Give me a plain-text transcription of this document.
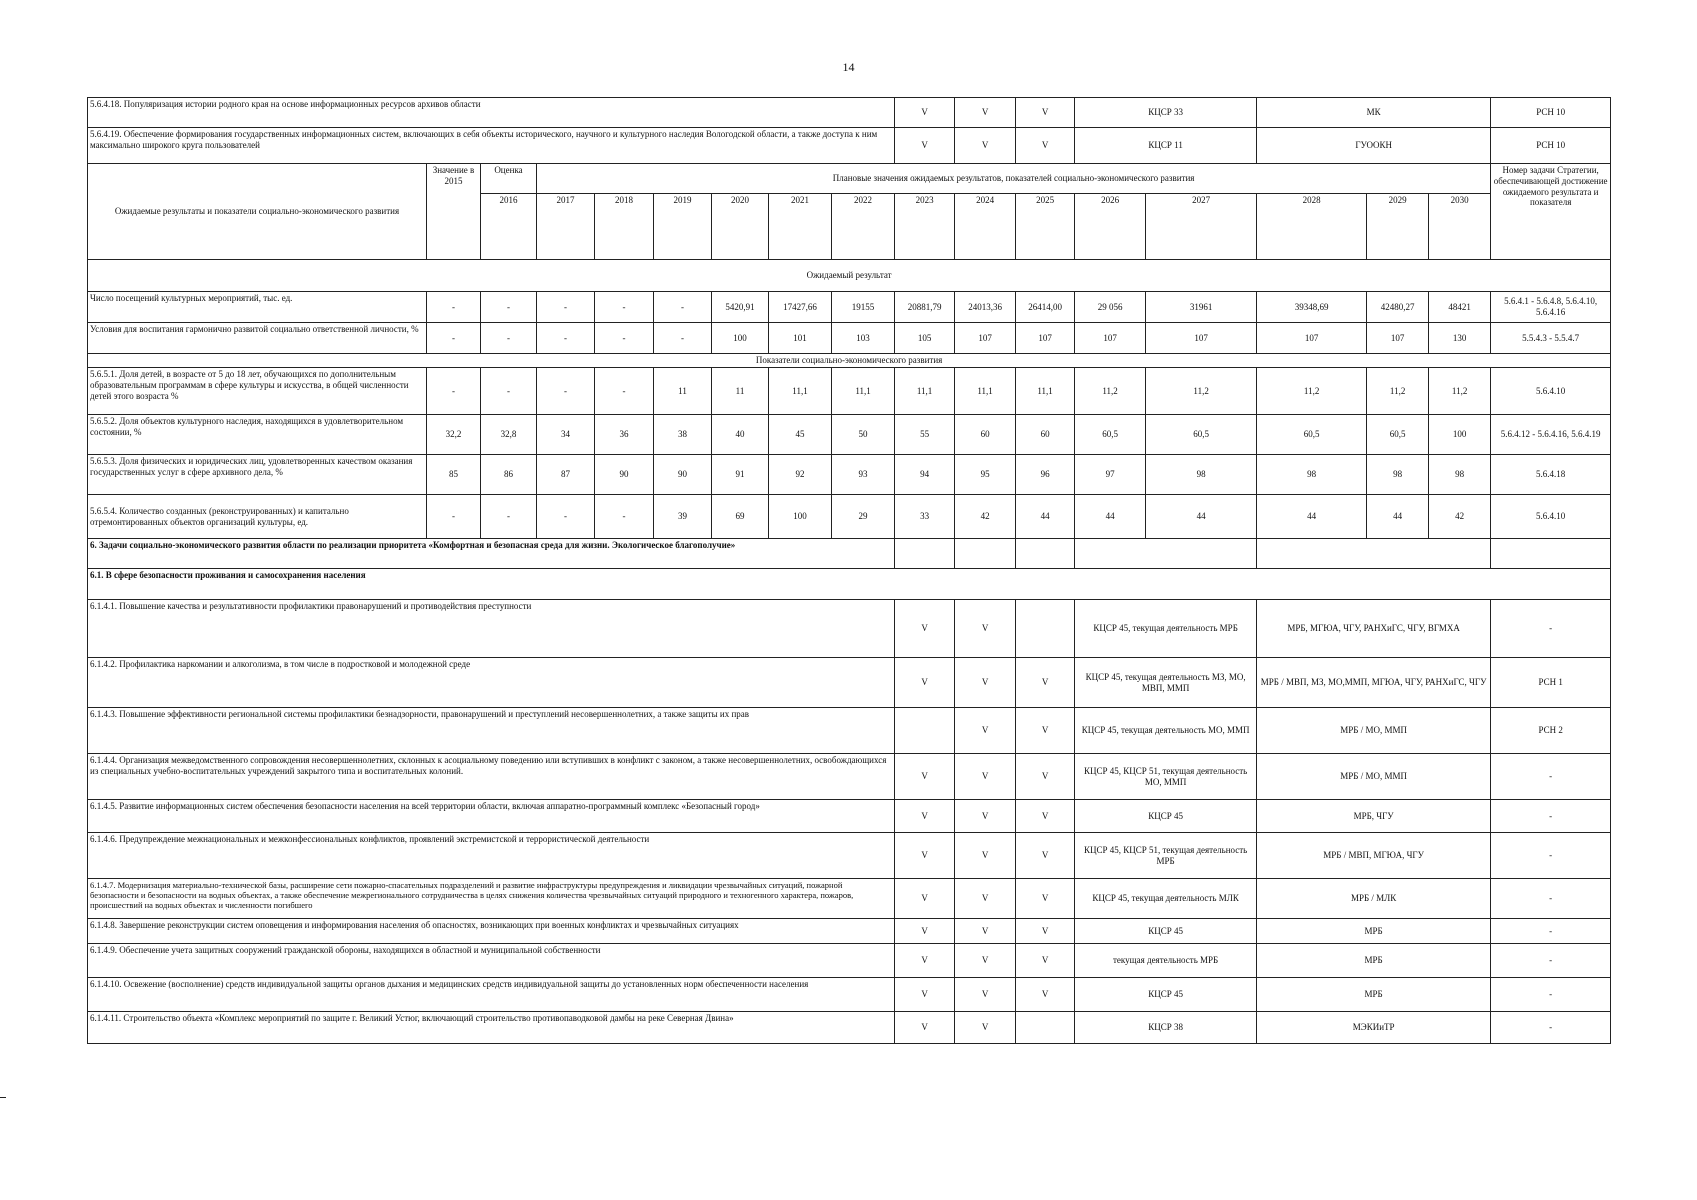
14
5.6.4.18. Популяризация истории родного края на основе информационных ресурсов архивов области									V	V	V	КЦСР 33		МК			РСН 10
5.6.4.19. Обеспечение формирования государственных информационных систем, включающих в себя объекты исторического, научного и культурного наследия Вологодской области, а также доступа к ним максимально широкого круга пользователей									V	V	V	КЦСР 11		ГУООКН			РСН 10
Ожидаемые результаты и показатели социально-экономического развития	Значение в 2015	Оценка	Плановые значения ожидаемых результатов, показателей социально-экономического развития														Номер задачи Стратегии, обеспечивающей достижение ожидаемого результата и показателя
		2016	2017	2018	2019	2020	2021	2022	2023	2024	2025	2026	2027	2028	2029	2030	
Ожидаемый результат																	
Число посещений культурных мероприятий, тыс. ед.	-	-	-	-	-	5420,91	17427,66	19155	20881,79	24013,36	26414,00	29 056	31961	39348,69	42480,27	48421	5.6.4.1 - 5.6.4.8, 5.6.4.10, 5.6.4.16
Условия для воспитания гармонично развитой социально ответственной личности, %	-	-	-	-	-	100	101	103	105	107	107	107	107	107	107	130	5.5.4.3 - 5.5.4.7
Показатели социально-экономического развития																	
5.6.5.1. Доля детей, в возрасте от 5 до 18 лет, обучающихся по дополнительным образовательным программам в сфере культуры и искусства, в общей численности детей этого возраста %	-	-	-	-	11	11	11,1	11,1	11,1	11,1	11,1	11,2	11,2	11,2	11,2	11,2	5.6.4.10
5.6.5.2. Доля объектов культурного наследия, находящихся в удовлетворительном состоянии, %	32,2	32,8	34	36	38	40	45	50	55	60	60	60,5	60,5	60,5	60,5	100	5.6.4.12 - 5.6.4.16, 5.6.4.19
5.6.5.3. Доля физических и юридических лиц, удовлетворенных качеством оказания государственных услуг в сфере архивного дела, %	85	86	87	90	90	91	92	93	94	95	96	97	98	98	98	98	5.6.4.18
5.6.5.4. Количество созданных (реконструированных) и капитально отремонтированных объектов организаций культуры, ед.	-	-	-	-	39	69	100	29	33	42	44	44	44	44	44	42	5.6.4.10
6. Задачи социально-экономического развития области по реализации приоритета «Комфортная и безопасная среда для жизни. Экологическое благополучие»																	
6.1. В сфере безопасности проживания и самосохранения населения																	
6.1.4.1. Повышение качества и результативности профилактики правонарушений и противодействия преступности									V	V		КЦСР 45, текущая деятельность МРБ		МРБ, МГЮА, ЧГУ, РАНХиГС, ЧГУ, ВГМХА			-
6.1.4.2. Профилактика наркомании и алкоголизма, в том числе в подростковой и молодежной среде									V	V	V	КЦСР 45, текущая деятельность МЗ, МО, МВП, ММП		МРБ / МВП, МЗ, МО,ММП, МГЮА, ЧГУ, РАНХиГС, ЧГУ			РСН 1
6.1.4.3. Повышение эффективности региональной системы профилактики безнадзорности, правонарушений и преступлений несовершеннолетних, а также защиты их прав										V	V	КЦСР 45, текущая деятельность МО, ММП		МРБ / МО, ММП			РСН 2
6.1.4.4. Организация межведомственного сопровождения несовершеннолетних, склонных к асоциальному поведению или вступивших в конфликт с законом, а также несовершеннолетних, освобождающихся из специальных учебно-воспитательных учреждений закрытого типа и воспитательных колоний.									V	V	V	КЦСР 45, КЦСР 51, текущая деятельность МО, ММП		МРБ / МО, ММП			-
6.1.4.5. Развитие информационных систем обеспечения безопасности населения на всей территории области, включая аппаратно-программный комплекс «Безопасный город»									V	V	V	КЦСР 45		МРБ, ЧГУ			-
6.1.4.6. Предупреждение межнациональных и межконфессиональных конфликтов, проявлений экстремистской и террористической деятельности									V	V	V	КЦСР 45, КЦСР 51, текущая деятельность МРБ		МРБ / МВП, МГЮА, ЧГУ			-
6.1.4.7. Модернизация материально-технической базы, расширение сети пожарно-спасательных подразделений и развитие инфраструктуры предупреждения и ликвидации чрезвычайных ситуаций, пожарной безопасности и безопасности на водных объектах, а также обеспечение межрегионального сотрудничества в целях снижения количества чрезвычайных ситуаций природного и техногенного характера, пожаров, происшествий на водных объектах и численности погибшего									V	V	V	КЦСР 45, текущая деятельность МЛК		МРБ / МЛК			-
6.1.4.8. Завершение реконструкции систем оповещения и информирования населения об опасностях, возникающих при военных конфликтах и чрезвычайных ситуациях									V	V	V	КЦСР 45		МРБ			-
6.1.4.9. Обеспечение учета защитных сооружений гражданской обороны, находящихся в областной и муниципальной собственности									V	V	V	текущая деятельность МРБ		МРБ			-
6.1.4.10. Освежение (восполнение) средств индивидуальной защиты органов дыхания и медицинских средств индивидуальной защиты до установленных норм обеспеченности населения									V	V	V	КЦСР 45		МРБ			-
6.1.4.11. Строительство объекта «Комплекс мероприятий по защите г. Великий Устюг, включающий строительство противопаводковой дамбы на реке Северная Двина»									V	V		КЦСР 38		МЭКИиТР			-
